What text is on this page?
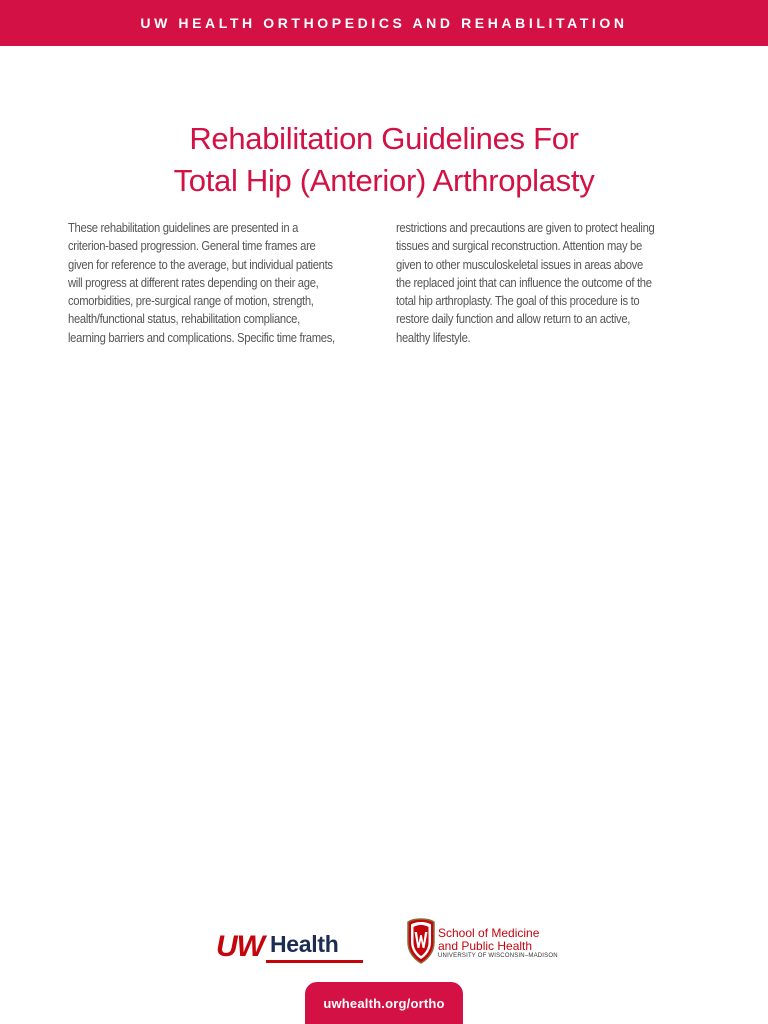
UW HEALTH ORTHOPEDICS AND REHABILITATION
Rehabilitation Guidelines For
Total Hip (Anterior) Arthroplasty

These rehabilitation guidelines are presented in a
criterion-based progression. General time frames are
given for reference to the average, but individual patients
will progress at different rates depending on their age,
comorbidities, pre-surgical range of motion, strength,
health/functional status, rehabilitation compliance,
learning barriers and complications. Specific time frames,

restrictions and precautions are given to protect healing
tissues and surgical reconstruction. Attention may be
given to other musculoskeletal issues in areas above
the replaced joint that can influence the outcome of the
total hip arthroplasty. The goal of this procedure is to
restore daily function and allow return to an active,
healthy lifestyle.

UW Health	School of Medicine
and Public Health
UNIVERSITY OF WISCONSIN–MADISON
uwhealth.org/ortho
